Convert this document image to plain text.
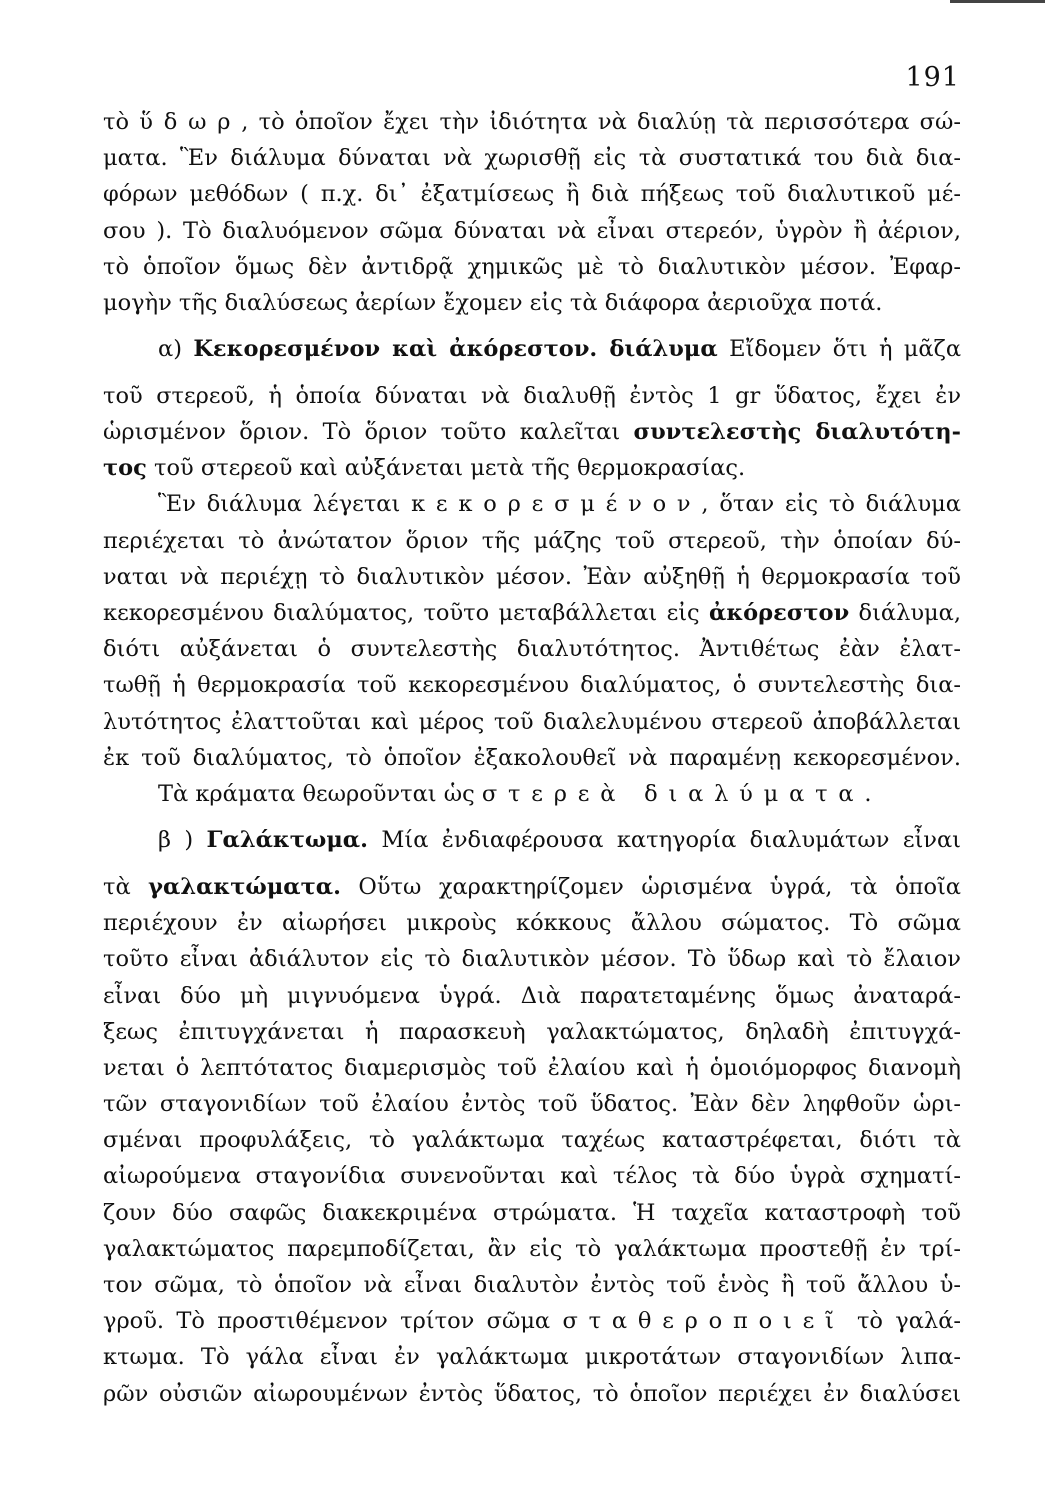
191
τὸ ὕδωρ, τὸ ὁποῖον ἔχει τὴν ἰδιότητα νὰ διαλύῃ τὰ περισσότερα σώ-
ματα. Ἓν διάλυμα δύναται νὰ χωρισθῇ εἰς τὰ συστατικά του διὰ δια-
φόρων μεθόδων ( π.χ. δι᾽ ἐξατμίσεως ἢ διὰ πήξεως τοῦ διαλυτικοῦ μέ-
σου ). Τὸ διαλυόμενον σῶμα δύναται νὰ εἶναι στερεόν, ὑγρὸν ἢ ἀέριον,
τὸ ὁποῖον ὅμως δὲν ἀντιδρᾷ χημικῶς μὲ τὸ διαλυτικὸν μέσον. Ἐφαρ-
μογὴν τῆς διαλύσεως ἀερίων ἔχομεν εἰς τὰ διάφορα ἀεριοῦχα ποτά.
α) Κεκορεσμένον καὶ ἀκόρεστον. διάλυμα Εἴδομεν ὅτι ἡ μᾶζα
τοῦ στερεοῦ, ἡ ὁποία δύναται νὰ διαλυθῇ ἐντὸς 1 gr ὕδατος, ἔχει ἐν
ὡρισμένον ὅριον. Τὸ ὅριον τοῦτο καλεῖται συντελεστὴς διαλυτότη-
τος τοῦ στερεοῦ καὶ αὐξάνεται μετὰ τῆς θερμοκρασίας.
Ἓν διάλυμα λέγεται κεκορεσμένον, ὅταν εἰς τὸ διάλυμα
περιέχεται τὸ ἀνώτατον ὅριον τῆς μάζης τοῦ στερεοῦ, τὴν ὁποίαν δύ-
ναται νὰ περιέχῃ τὸ διαλυτικὸν μέσον. Ἐὰν αὐξηθῇ ἡ θερμοκρασία τοῦ
κεκορεσμένου διαλύματος, τοῦτο μεταβάλλεται εἰς ἀκόρεστον διάλυμα,
διότι αὐξάνεται ὁ συντελεστὴς διαλυτότητος. Ἀντιθέτως ἐὰν ἐλατ-
τωθῇ ἡ θερμοκρασία τοῦ κεκορεσμένου διαλύματος, ὁ συντελεστὴς δια-
λυτότητος ἐλαττοῦται καὶ μέρος τοῦ διαλελυμένου στερεοῦ ἀποβάλλεται
ἐκ τοῦ διαλύματος, τὸ ὁποῖον ἐξακολουθεῖ νὰ παραμένῃ κεκορεσμένον.
Τὰ κράματα θεωροῦνται ὡς στερεὰ διαλύματα.
β ) Γαλάκτωμα. Μία ἐνδιαφέρουσα κατηγορία διαλυμάτων εἶναι
τὰ γαλακτώματα. Οὕτω χαρακτηρίζομεν ὡρισμένα ὑγρά, τὰ ὁποῖα
περιέχουν ἐν αἰωρήσει μικροὺς κόκκους ἄλλου σώματος. Τὸ σῶμα
τοῦτο εἶναι ἀδιάλυτον εἰς τὸ διαλυτικὸν μέσον. Τὸ ὕδωρ καὶ τὸ ἔλαιον
εἶναι δύο μὴ μιγνυόμενα ὑγρά. Διὰ παρατεταμένης ὅμως ἀναταρά-
ξεως ἐπιτυγχάνεται ἡ παρασκευὴ γαλακτώματος, δηλαδὴ ἐπιτυγχά-
νεται ὁ λεπτότατος διαμερισμὸς τοῦ ἐλαίου καὶ ἡ ὁμοιόμορφος διανομὴ
τῶν σταγονιδίων τοῦ ἐλαίου ἐντὸς τοῦ ὕδατος. Ἐὰν δὲν ληφθοῦν ὡρι-
σμέναι προφυλάξεις, τὸ γαλάκτωμα ταχέως καταστρέφεται, διότι τὰ
αἰωρούμενα σταγονίδια συνενοῦνται καὶ τέλος τὰ δύο ὑγρὰ σχηματί-
ζουν δύο σαφῶς διακεκριμένα στρώματα. Ἡ ταχεῖα καταστροφὴ τοῦ
γαλακτώματος παρεμποδίζεται, ἂν εἰς τὸ γαλάκτωμα προστεθῇ ἐν τρί-
τον σῶμα, τὸ ὁποῖον νὰ εἶναι διαλυτὸν ἐντὸς τοῦ ἑνὸς ἢ τοῦ ἄλλου ὑ-
γροῦ. Τὸ προστιθέμενον τρίτον σῶμα σταθεροποιεῖ τὸ γαλά-
κτωμα. Τὸ γάλα εἶναι ἐν γαλάκτωμα μικροτάτων σταγονιδίων λιπα-
ρῶν οὐσιῶν αἰωρουμένων ἐντὸς ὕδατος, τὸ ὁποῖον περιέχει ἐν διαλύσει
